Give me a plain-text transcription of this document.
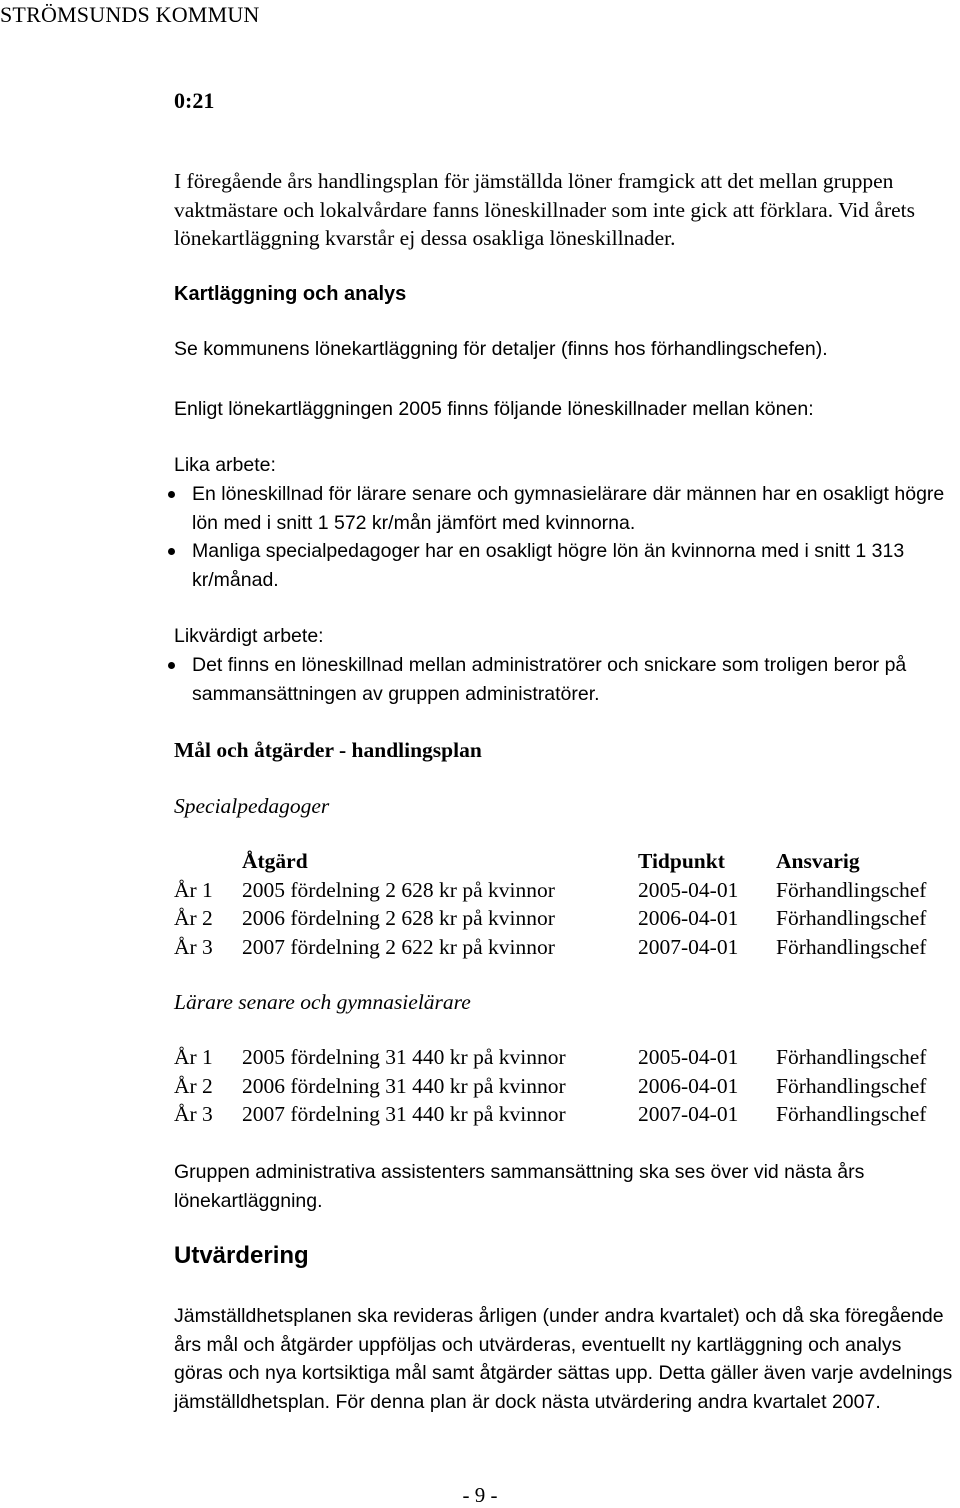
STRÖMSUNDS KOMMUN
0:21
I föregående års handlingsplan för jämställda löner framgick att det mellan gruppen vaktmästare och lokalvårdare fanns löneskillnader som inte gick att förklara. Vid årets lönekartläggning kvarstår ej dessa osakliga löneskillnader.
Kartläggning och analys
Se kommunens lönekartläggning för detaljer (finns hos förhandlingschefen).
Enligt lönekartläggningen 2005 finns följande löneskillnader mellan könen:
Lika arbete:
En löneskillnad för lärare senare och gymnasielärare där männen har en osakligt högre lön med i snitt 1 572 kr/mån jämfört med kvinnorna.
Manliga specialpedagoger har en osakligt högre lön än kvinnorna med i snitt 1 313 kr/månad.
Likvärdigt arbete:
Det finns en löneskillnad mellan administratörer och snickare som troligen beror på sammansättningen av gruppen administratörer.
Mål och åtgärder - handlingsplan
Specialpedagoger
	Åtgärd	Tidpunkt	Ansvarig
År 1	2005 fördelning 2 628 kr på kvinnor	2005-04-01	Förhandlingschef
År 2	2006 fördelning 2 628 kr på kvinnor	2006-04-01	Förhandlingschef
År 3	2007 fördelning 2 622 kr på kvinnor	2007-04-01	Förhandlingschef
Lärare senare och gymnasielärare
År 1	2005 fördelning 31 440 kr på kvinnor	2005-04-01	Förhandlingschef
År 2	2006 fördelning 31 440 kr på kvinnor	2006-04-01	Förhandlingschef
År 3	2007 fördelning 31 440 kr på kvinnor	2007-04-01	Förhandlingschef
Gruppen administrativa assistenters sammansättning ska ses över vid nästa års lönekartläggning.
Utvärdering
Jämställdhetsplanen ska revideras årligen (under andra kvartalet) och då ska föregående års mål och åtgärder uppföljas och utvärderas, eventuellt ny kartläggning och analys göras och nya kortsiktiga mål samt åtgärder sättas upp. Detta gäller även varje avdelnings jämställdhetsplan. För denna plan är dock nästa utvärdering andra kvartalet 2007.
- 9 -
